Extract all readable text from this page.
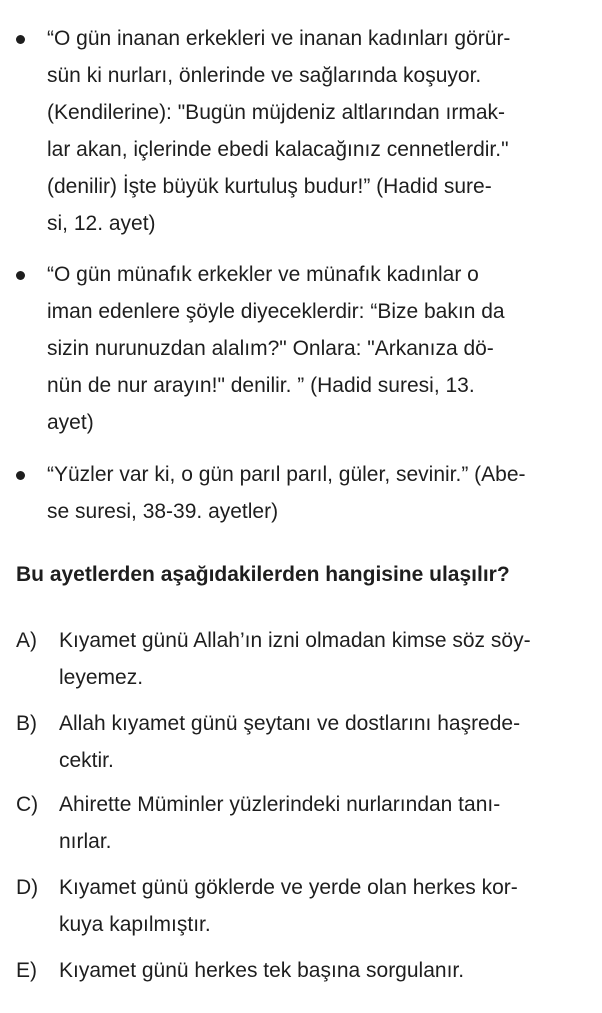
“O gün inanan erkekleri ve inanan kadınları görür-
sün ki nurları, önlerinde ve sağlarında koşuyor.
(Kendilerine): "Bugün müjdeniz altlarından ırmak-
lar akan, içlerinde ebedi kalacağınız cennetlerdir."
(denilir) İşte büyük kurtuluş budur!” (Hadid sure-
si, 12. ayet)
“O gün münafık erkekler ve münafık kadınlar o
iman edenlere şöyle diyeceklerdir: “Bize bakın da
sizin nurunuzdan alalım?" Onlara: "Arkanıza dö-
nün de nur arayın!" denilir. ” (Hadid suresi, 13.
ayet)
“Yüzler var ki, o gün parıl parıl, güler, sevinir.” (Abe-
se suresi, 38-39. ayetler)
Bu ayetlerden aşağıdakilerden hangisine ulaşılır?
A) Kıyamet günü Allah’ın izni olmadan kimse söz söy-
leyemez.
B) Allah kıyamet günü şeytanı ve dostlarını haşrede-
cektir.
C) Ahirette Müminler yüzlerindeki nurlarından tanı-
nırlar.
D) Kıyamet günü göklerde ve yerde olan herkes kor-
kuya kapılmıştır.
E) Kıyamet günü herkes tek başına sorgulanır.
